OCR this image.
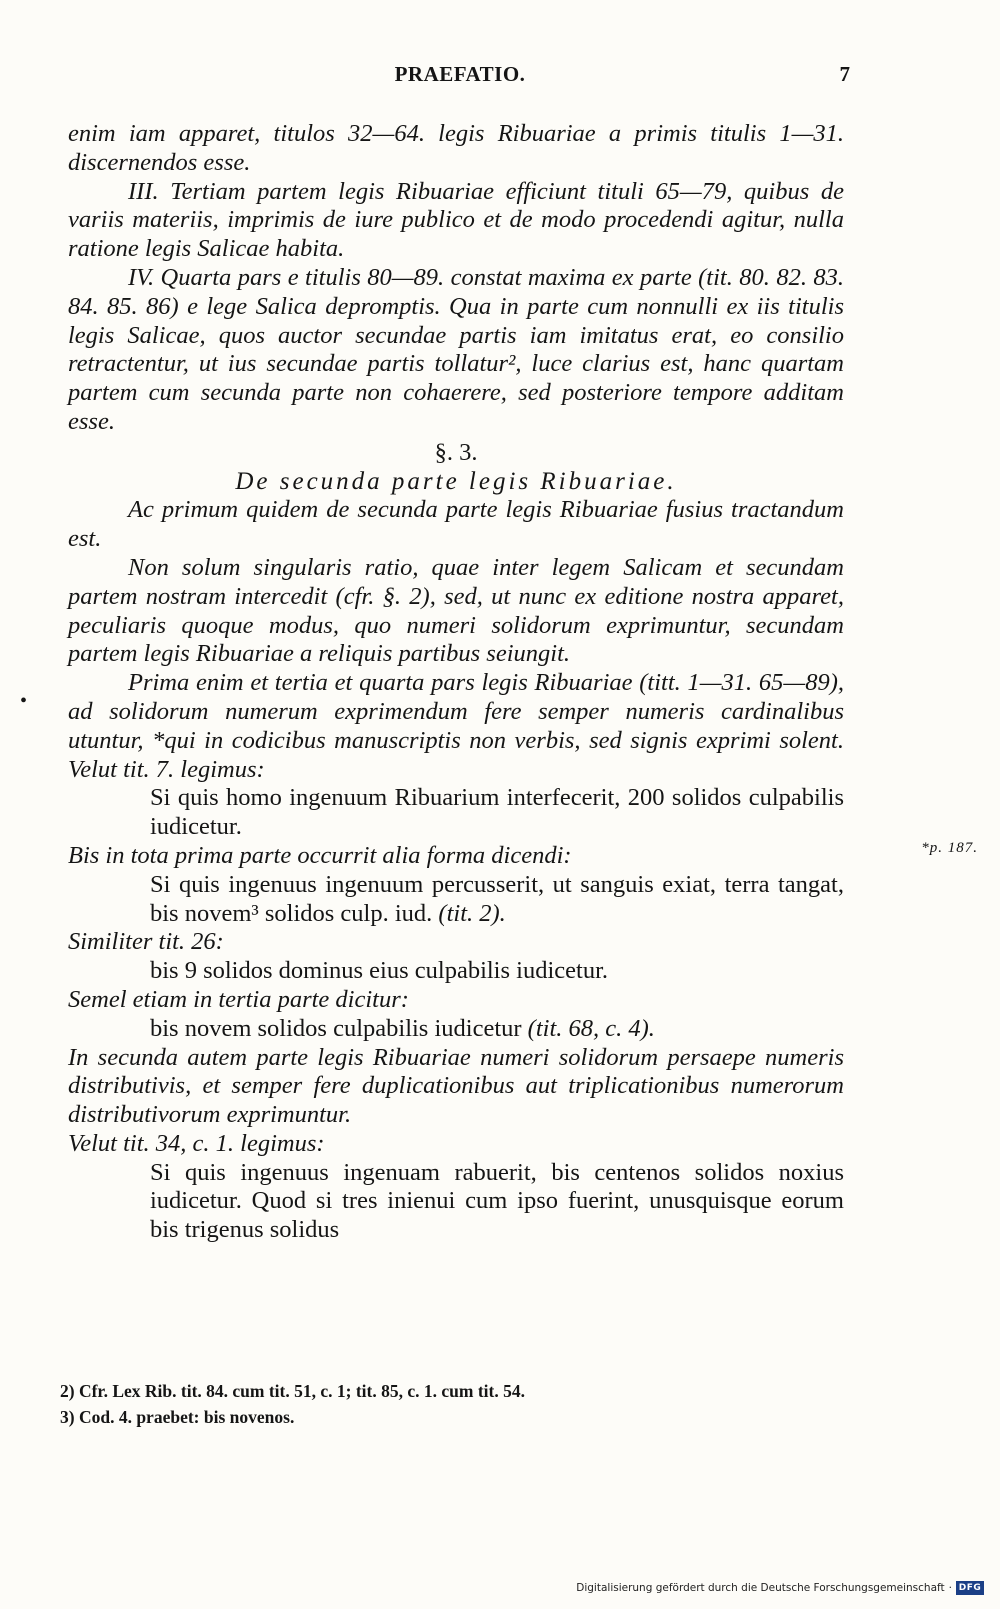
PRAEFATIO.	7
•
*p. 187.

enim iam apparet, titulos 32—64. legis Ribuariae a primis titulis 1—31. discernendos esse.

III. Tertiam partem legis Ribuariae efficiunt tituli 65—79, quibus de variis materiis, imprimis de iure publico et de modo procedendi agitur, nulla ratione legis Salicae habita.

IV. Quarta pars e titulis 80—89. constat maxima ex parte (tit. 80. 82. 83. 84. 85. 86) e lege Salica depromptis. Qua in parte cum nonnulli ex iis titulis legis Salicae, quos auctor secundae partis iam imitatus erat, eo consilio retractentur, ut ius secundae partis tollatur², luce clarius est, hanc quartam partem cum secunda parte non cohaerere, sed posteriore tempore additam esse.

§. 3.

De secunda parte legis Ribuariae.

Ac primum quidem de secunda parte legis Ribuariae fusius tractandum est.

Non solum singularis ratio, quae inter legem Salicam et secundam partem nostram intercedit (cfr. §. 2), sed, ut nunc ex editione nostra apparet, peculiaris quoque modus, quo numeri solidorum exprimuntur, secundam partem legis Ribuariae a reliquis partibus seiungit.

Prima enim et tertia et quarta pars legis Ribuariae (titt. 1—31. 65—89), ad solidorum numerum exprimendum fere semper numeris cardinalibus utuntur, *qui in codicibus manuscriptis non verbis, sed signis exprimi solent. Velut tit. 7. legimus:

Si quis homo ingenuum Ribuarium interfecerit, 200 solidos culpabilis iudicetur.

Bis in tota prima parte occurrit alia forma dicendi:

Si quis ingenuus ingenuum percusserit, ut sanguis exiat, terra tangat, bis novem³ solidos culp. iud. (tit. 2).

Similiter tit. 26:

bis 9 solidos dominus eius culpabilis iudicetur.

Semel etiam in tertia parte dicitur:

bis novem solidos culpabilis iudicetur (tit. 68, c. 4).

In secunda autem parte legis Ribuariae numeri solidorum persaepe numeris distributivis, et semper fere duplicationibus aut triplicationibus numerorum distributivorum exprimuntur.

Velut tit. 34, c. 1. legimus:

Si quis ingenuus ingenuam rabuerit, bis centenos solidos noxius iudicetur. Quod si tres inienui cum ipso fuerint, unusquisque eorum bis trigenus solidus

2) Cfr. Lex Rib. tit. 84. cum tit. 51, c. 1; tit. 85, c. 1. cum tit. 54.

3) Cod. 4. praebet: bis novenos.

Digitalisierung gefördert durch die Deutsche Forschungsgemeinschaft · DFG
